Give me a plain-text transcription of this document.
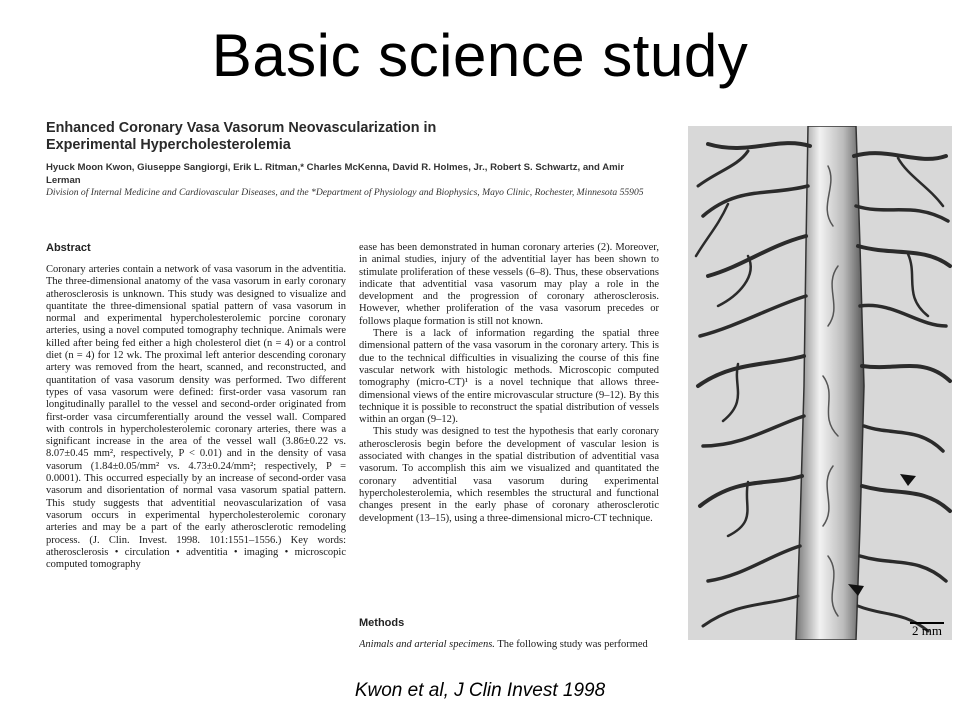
Basic science study
Enhanced Coronary Vasa Vasorum Neovascularization in Experimental Hypercholesterolemia
Hyuck Moon Kwon, Giuseppe Sangiorgi, Erik L. Ritman,* Charles McKenna, David R. Holmes, Jr., Robert S. Schwartz, and Amir Lerman
Division of Internal Medicine and Cardiovascular Diseases, and the *Department of Physiology and Biophysics, Mayo Clinic, Rochester, Minnesota 55905
Abstract

Coronary arteries contain a network of vasa vasorum in the adventitia. The three-dimensional anatomy of the vasa vasorum in early coronary atherosclerosis is unknown. This study was designed to visualize and quantitate the three-dimensional spatial pattern of vasa vasorum in normal and experimental hypercholesterolemic porcine coronary arteries, using a novel computed tomography technique. Animals were killed after being fed either a high cholesterol diet (n = 4) or a control diet (n = 4) for 12 wk. The proximal left anterior descending coronary artery was removed from the heart, scanned, and reconstructed, and quantitation of vasa vasorum density was performed. Two different types of vasa vasorum were defined: first-order vasa vasorum ran longitudinally parallel to the vessel and second-order originated from first-order vasa circumferentially around the vessel wall. Compared with controls in hypercholesterolemic coronary arteries, there was a significant increase in the area of the vessel wall (3.86±0.22 vs. 8.07±0.45 mm², respectively, P < 0.01) and in the density of vasa vasorum (1.84±0.05/mm² vs. 4.73±0.24/mm²; respectively, P = 0.0001). This occurred especially by an increase of second-order vasa vasorum and disorientation of normal vasa vasorum spatial pattern. This study suggests that adventitial neovascularization of vasa vasorum occurs in experimental hypercholesterolemic coronary arteries and may be a part of the early atherosclerotic remodeling process. (J. Clin. Invest. 1998. 101:1551–1556.) Key words: atherosclerosis • circulation • adventitia • imaging • microscopic computed tomography

ease has been demonstrated in human coronary arteries (2). Moreover, in animal studies, injury of the adventitial layer has been shown to stimulate proliferation of these vessels (6–8). Thus, these observations indicate that adventitial vasa vasorum may play a role in the development and the progression of coronary atherosclerosis. However, whether proliferation of the vasa vasorum precedes or follows plaque formation is still not known.

There is a lack of information regarding the spatial three dimensional pattern of the vasa vasorum in the coronary artery. This is due to the technical difficulties in visualizing the course of this fine vascular network with histologic methods. Microscopic computed tomography (micro-CT)¹ is a novel technique that allows three-dimensional views of the entire microvascular structure (9–12). By this technique it is possible to reconstruct the spatial distribution of vessels within an organ (9–12).

This study was designed to test the hypothesis that early coronary atherosclerosis begin before the development of vascular lesion is associated with changes in the spatial distribution of adventitial vasa vasorum. To accomplish this aim we visualized and quantitated the coronary adventitial vasa vasorum during experimental hypercholesterolemia, which resembles the structural and functional changes present in the early phase of coronary atherosclerotic development (13–15), using a three-dimensional micro-CT technique.

Methods
Animals and arterial specimens. The following study was performed
2 mm
Kwon et al, J Clin Invest 1998
